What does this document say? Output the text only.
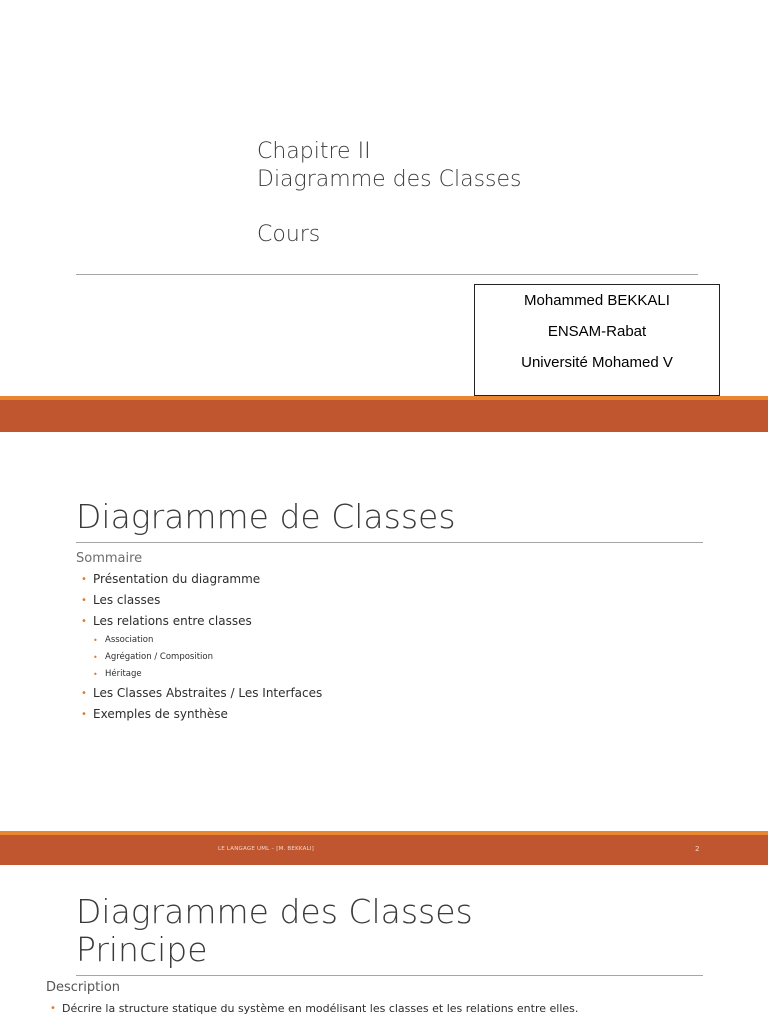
Chapitre II
Diagramme des Classes
Cours
Mohammed BEKKALI
ENSAM-Rabat
Université Mohamed V
Diagramme de Classes
Sommaire
• Présentation du diagramme
• Les classes
• Les relations entre classes
• Association
• Agrégation / Composition
• Héritage
• Les Classes Abstraites / Les Interfaces
• Exemples de synthèse
LE LANGAGE UML – [M. BEKKALI]	2
Diagramme des Classes
Principe
Description
• Décrire la structure statique du système en modélisant les classes et les relations entre elles.
